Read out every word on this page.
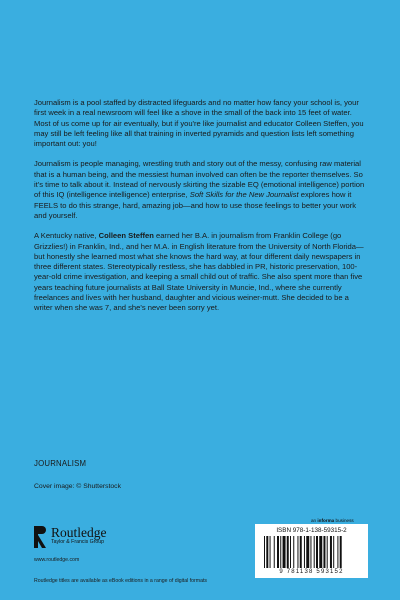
Journalism is a pool staffed by distracted lifeguards and no matter how fancy your school is, your first week in a real newsroom will feel like a shove in the small of the back into 15 feet of water. Most of us come up for air eventually, but if you're like journalist and educator Colleen Steffen, you may still be left feeling like all that training in inverted pyramids and question lists left something important out: you!

Journalism is people managing, wrestling truth and story out of the messy, confusing raw material that is a human being, and the messiest human involved can often be the reporter themselves. So it's time to talk about it. Instead of nervously skirting the sizable EQ (emotional intelligence) portion of this IQ (intelligence intelligence) enterprise, Soft Skills for the New Journalist explores how it FEELS to do this strange, hard, amazing job—and how to use those feelings to better your work and yourself.

A Kentucky native, Colleen Steffen earned her B.A. in journalism from Franklin College (go Grizzlies!) in Franklin, Ind., and her M.A. in English literature from the University of North Florida—but honestly she learned most what she knows the hard way, at four different daily newspapers in three different states. Stereotypically restless, she has dabbled in PR, historic preservation, 100-year-old crime investigation, and keeping a small child out of traffic. She also spent more than five years teaching future journalists at Ball State University in Muncie, Ind., where she currently freelances and lives with her husband, daughter and vicious weiner-mutt. She decided to be a writer when she was 7, and she's never been sorry yet.

JOURNALISM
Cover image: © Shutterstock
Routledge
Taylor & Francis Group
www.routledge.com
Routledge titles are available as eBook editions in a range of digital formats
an informa business
ISBN 978-1-138-59315-2
9 781138 593152
